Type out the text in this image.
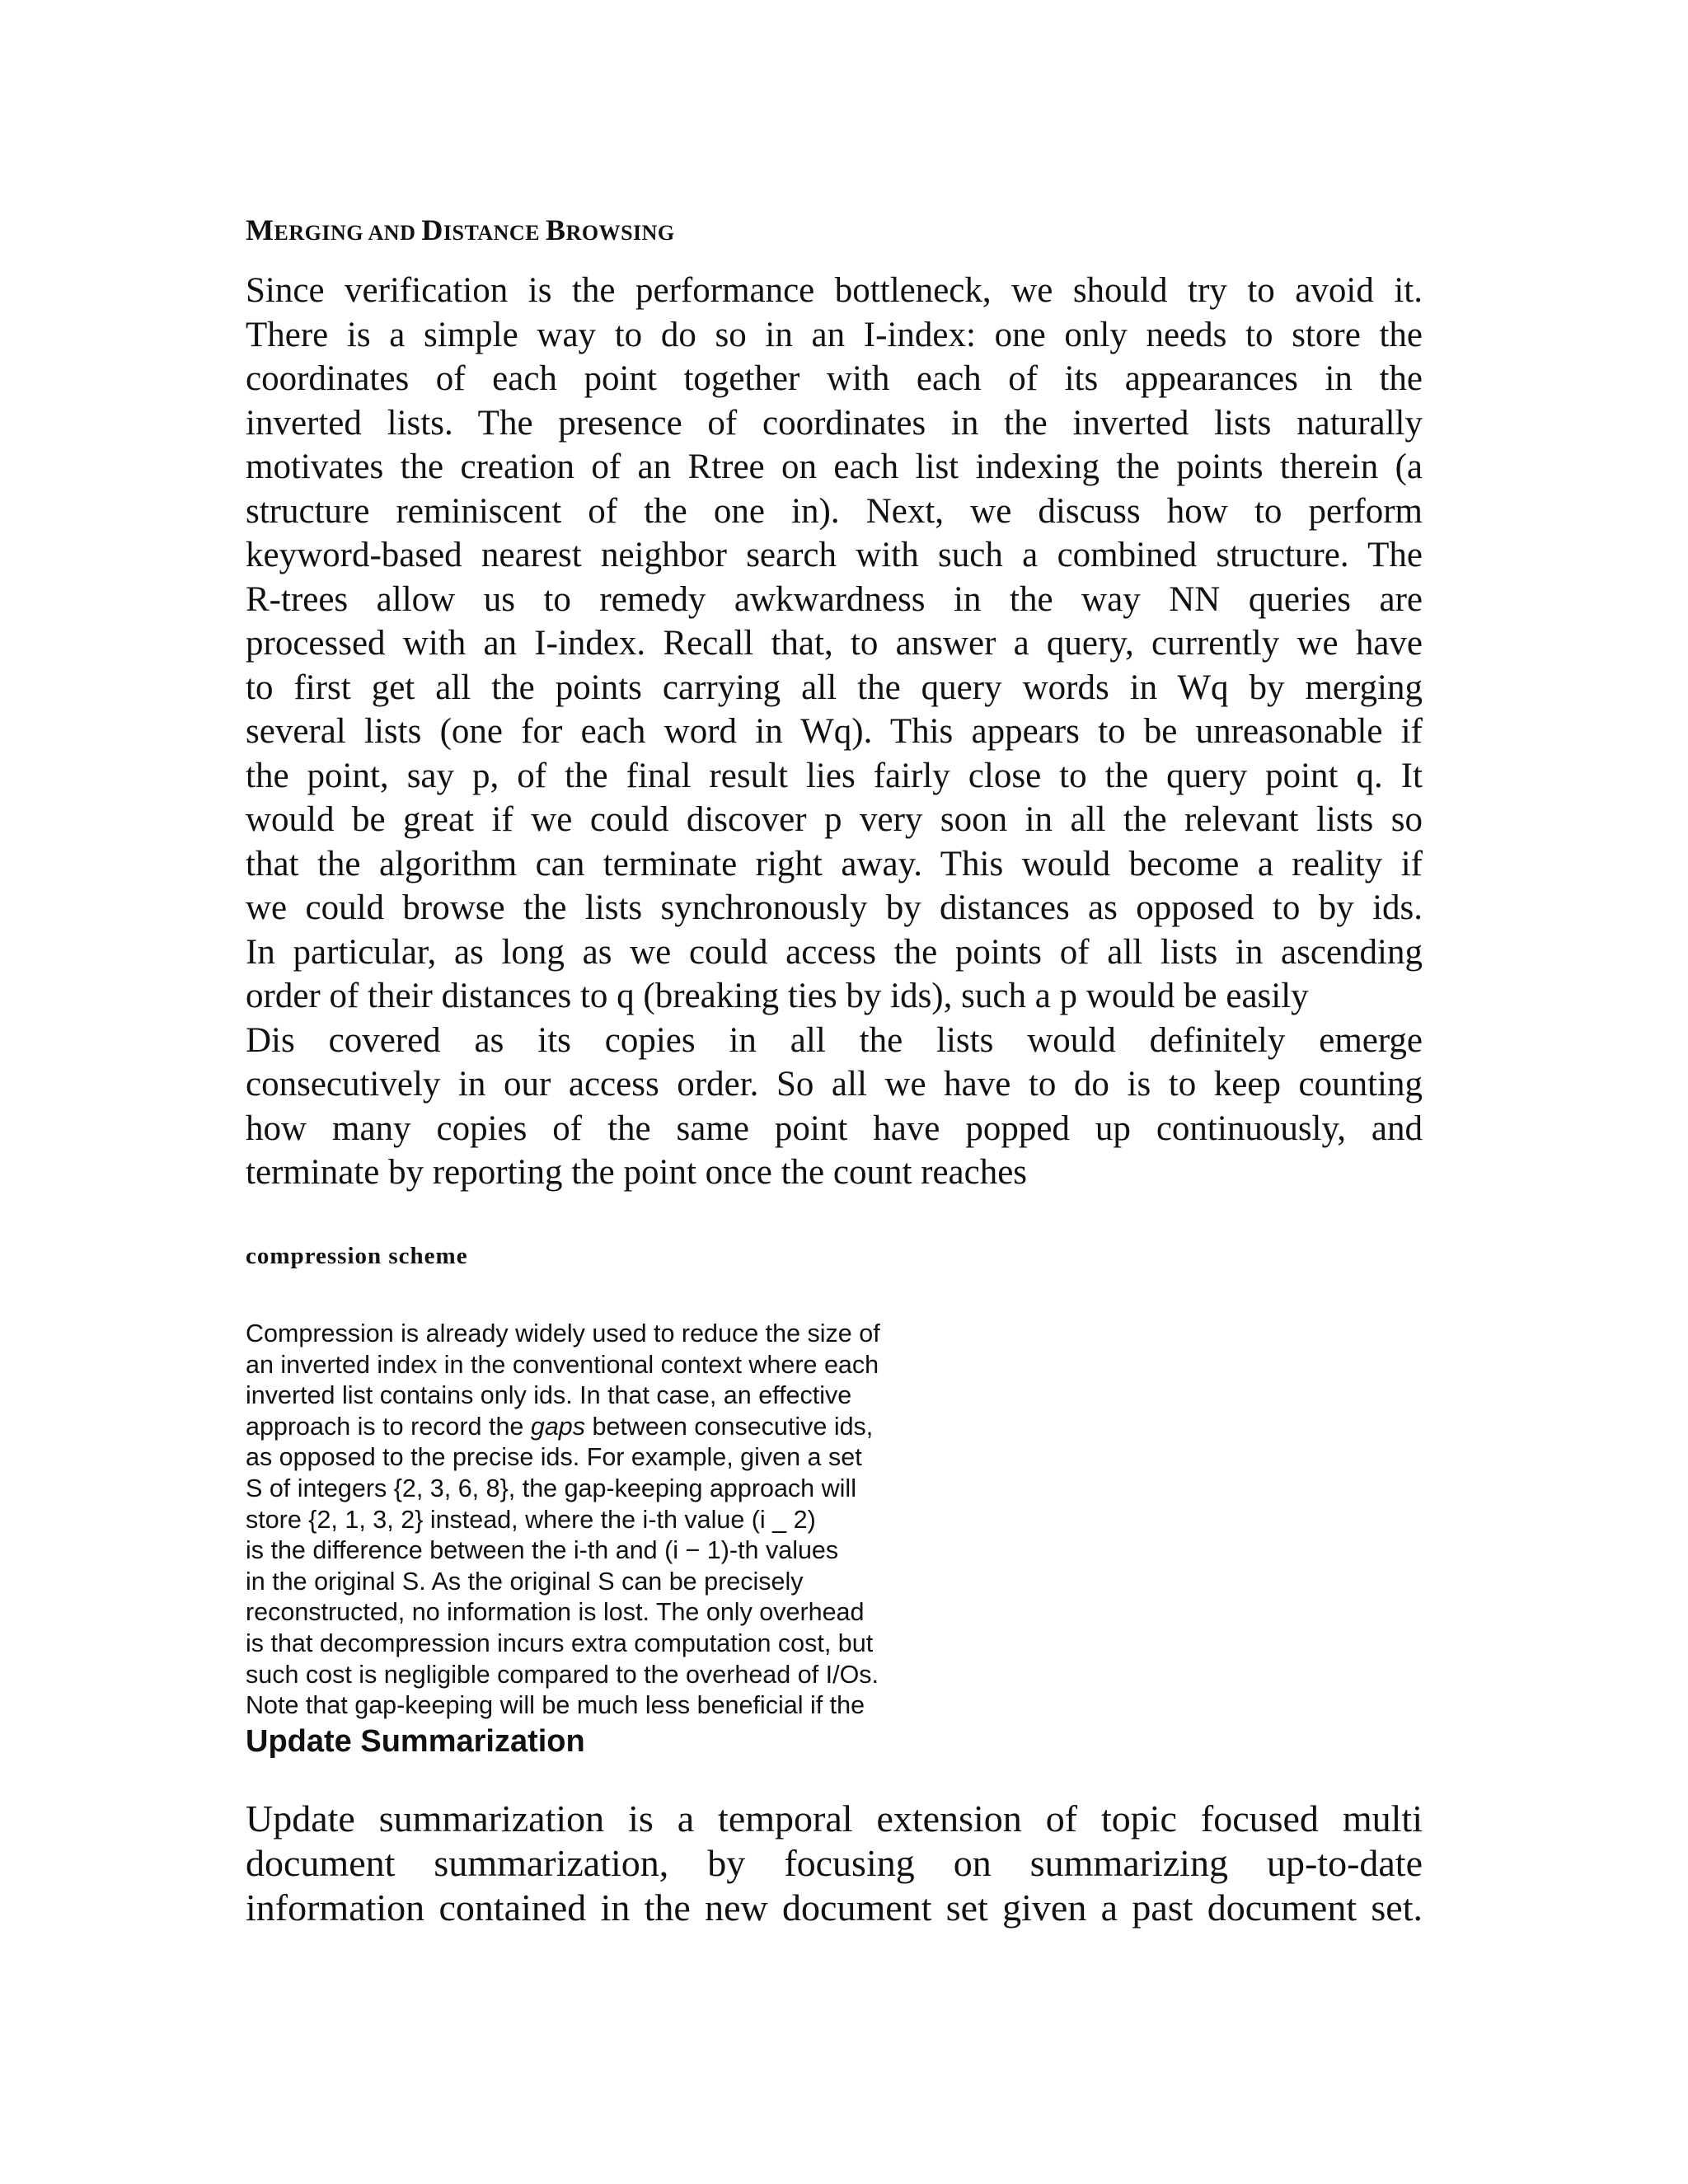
MERGING AND DISTANCE BROWSING
Since verification is the performance bottleneck, we should try to avoid it.
There is a simple way to do so in an I-index: one only needs to store the
coordinates of each point together with each of its appearances in the
inverted lists. The presence of coordinates in the inverted lists naturally
motivates the creation of an Rtree on each list indexing the points therein (a
structure reminiscent of the one in). Next, we discuss how to perform
keyword-based nearest neighbor search with such a combined structure. The
R-trees allow us to remedy awkwardness in the way NN queries are
processed with an I-index. Recall that, to answer a query, currently we have
to first get all the points carrying all the query words in Wq by merging
several lists (one for each word in Wq). This appears to be unreasonable if
the point, say p, of the final result lies fairly close to the query point q. It
would be great if we could discover p very soon in all the relevant lists so
that the algorithm can terminate right away. This would become a reality if
we could browse the lists synchronously by distances as opposed to by ids.
In particular, as long as we could access the points of all lists in ascending
order of their distances to q (breaking ties by ids), such a p would be easily
Dis covered as its copies in all the lists would definitely emerge
consecutively in our access order. So all we have to do is to keep counting
how many copies of the same point have popped up continuously, and
terminate by reporting the point once the count reaches
compression scheme
Compression is already widely used to reduce the size of
an inverted index in the conventional context where each
inverted list contains only ids. In that case, an effective
approach is to record the gaps between consecutive ids,
as opposed to the precise ids. For example, given a set
S of integers {2, 3, 6, 8}, the gap-keeping approach will
store {2, 1, 3, 2} instead, where the i-th value (i _ 2)
is the difference between the i-th and (i − 1)-th values
in the original S. As the original S can be precisely
reconstructed, no information is lost. The only overhead
is that decompression incurs extra computation cost, but
such cost is negligible compared to the overhead of I/Os.
Note that gap-keeping will be much less beneficial if the
Update Summarization
Update summarization is a temporal extension of topic focused multi
document summarization, by focusing on summarizing up-to-date
information contained in the new document set given a past document set.
